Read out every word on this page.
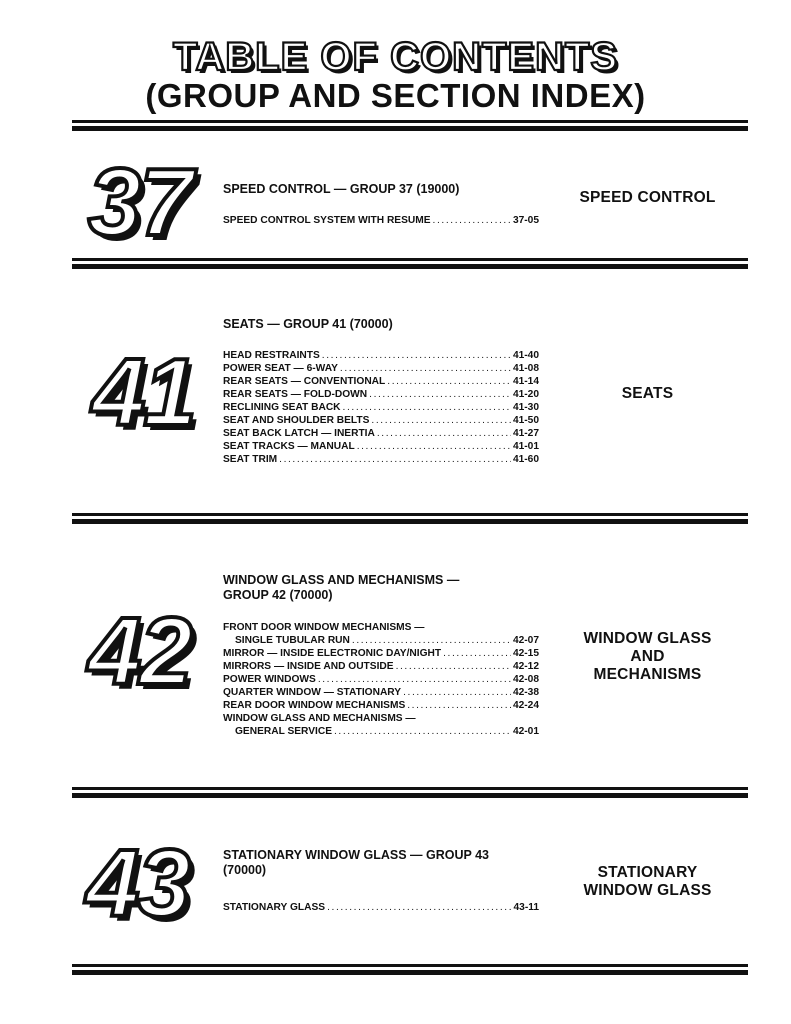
TABLE OF CONTENTS
(GROUP AND SECTION INDEX)
37	SPEED CONTROL — GROUP 37 (19000)
SPEED CONTROL SYSTEM WITH RESUME .....	37-05
SPEED CONTROL
41
SEATS — GROUP 41 (70000)
HEAD RESTRAINTS .....	41-40
POWER SEAT — 6-WAY .....	41-08
REAR SEATS — CONVENTIONAL .....	41-14
REAR SEATS — FOLD-DOWN .....	41-20
RECLINING SEAT BACK .....	41-30
SEAT AND SHOULDER BELTS .....	41-50
SEAT BACK LATCH — INERTIA .....	41-27
SEAT TRACKS — MANUAL .....	41-01
SEAT TRIM .....	41-60
SEATS
42
WINDOW GLASS AND MECHANISMS —
GROUP 42 (70000)
FRONT DOOR WINDOW MECHANISMS —
SINGLE TUBULAR RUN .....	42-07
MIRROR — INSIDE ELECTRONIC DAY/NIGHT .....	42-15
MIRRORS — INSIDE AND OUTSIDE .....	42-12
POWER WINDOWS .....	42-08
QUARTER WINDOW — STATIONARY .....	42-38
REAR DOOR WINDOW MECHANISMS .....	42-24
WINDOW GLASS AND MECHANISMS —
GENERAL SERVICE .....	42-01
WINDOW GLASS
AND
MECHANISMS
43	STATIONARY WINDOW GLASS — GROUP 43
(70000)
STATIONARY GLASS .....	43-11
STATIONARY
WINDOW GLASS
